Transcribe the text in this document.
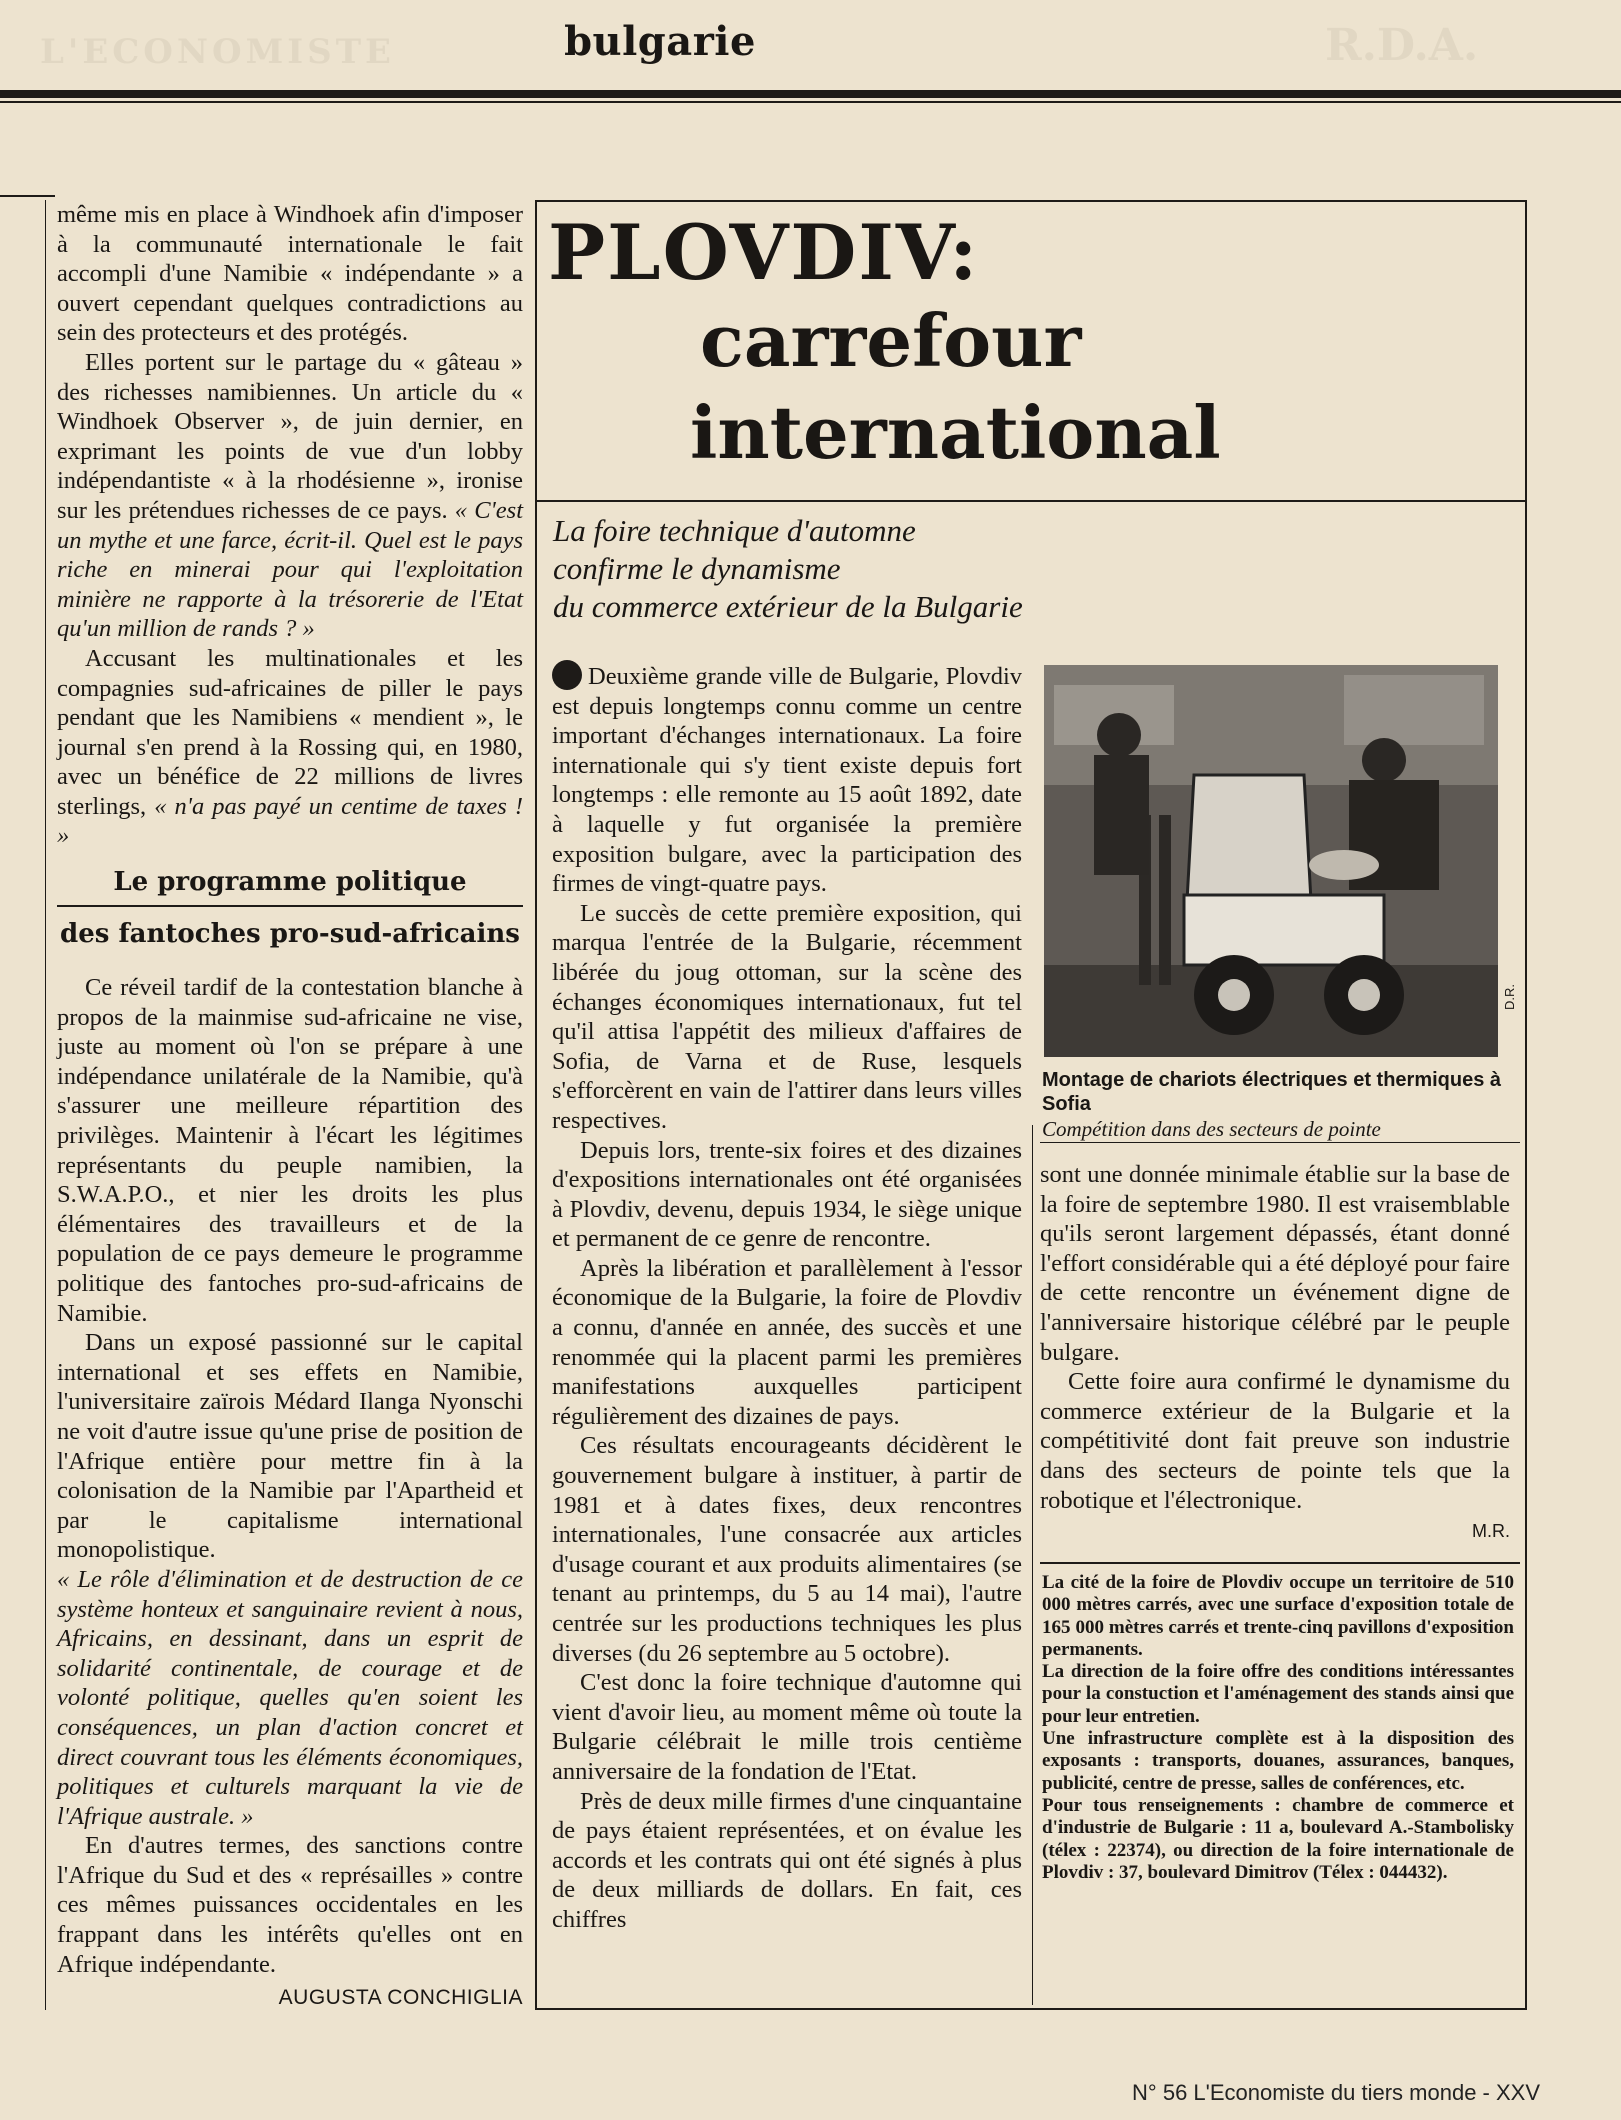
L'ECONOMISTE	R.D.A.
bulgarie

même mis en place à Windhoek afin d'imposer à la communauté internationale le fait accompli d'une Namibie « indépendante » a ouvert cependant quelques contradictions au sein des protecteurs et des protégés.

Elles portent sur le partage du « gâteau » des richesses namibiennes. Un article du « Windhoek Observer », de juin dernier, en exprimant les points de vue d'un lobby indépendantiste « à la rhodésienne », ironise sur les prétendues richesses de ce pays. « C'est un mythe et une farce, écrit-il. Quel est le pays riche en minerai pour qui l'exploitation minière ne rapporte à la trésorerie de l'Etat qu'un million de rands ? »

Accusant les multinationales et les compagnies sud-africaines de piller le pays pendant que les Namibiens « mendient », le journal s'en prend à la Rossing qui, en 1980, avec un bénéfice de 22 millions de livres sterlings, « n'a pas payé un centime de taxes ! »

Le programme politique
des fantoches pro-sud-africains

Ce réveil tardif de la contestation blanche à propos de la mainmise sud-africaine ne vise, juste au moment où l'on se prépare à une indépendance unilatérale de la Namibie, qu'à s'assurer une meilleure répartition des privilèges. Maintenir à l'écart les légitimes représentants du peuple namibien, la S.W.A.P.O., et nier les droits les plus élémentaires des travailleurs et de la population de ce pays demeure le programme politique des fantoches pro-sud-africains de Namibie.

Dans un exposé passionné sur le capital international et ses effets en Namibie, l'universitaire zaïrois Médard Ilanga Nyonschi ne voit d'autre issue qu'une prise de position de l'Afrique entière pour mettre fin à la colonisation de la Namibie par l'Apartheid et par le capitalisme international monopolistique.

« Le rôle d'élimination et de destruction de ce système honteux et sanguinaire revient à nous, Africains, en dessinant, dans un esprit de solidarité continentale, de courage et de volonté politique, quelles qu'en soient les conséquences, un plan d'action concret et direct couvrant tous les éléments économiques, politiques et culturels marquant la vie de l'Afrique australe. »

En d'autres termes, des sanctions contre l'Afrique du Sud et des « représailles » contre ces mêmes puissances occidentales en les frappant dans les intérêts qu'elles ont en Afrique indépendante.

AUGUSTA CONCHIGLIA
PLOVDIV:
carrefour
international
La foire technique d'automne
confirme le dynamisme
du commerce extérieur de la Bulgarie

Deuxième grande ville de Bulgarie, Plovdiv est depuis longtemps connu comme un centre important d'échanges internationaux. La foire internationale qui s'y tient existe depuis fort longtemps : elle remonte au 15 août 1892, date à laquelle y fut organisée la première exposition bulgare, avec la participation des firmes de vingt-quatre pays.

Le succès de cette première exposition, qui marqua l'entrée de la Bulgarie, récemment libérée du joug ottoman, sur la scène des échanges économiques internationaux, fut tel qu'il attisa l'appétit des milieux d'affaires de Sofia, de Varna et de Ruse, lesquels s'efforcèrent en vain de l'attirer dans leurs villes respectives.

Depuis lors, trente-six foires et des dizaines d'expositions internationales ont été organisées à Plovdiv, devenu, depuis 1934, le siège unique et permanent de ce genre de rencontre.

Après la libération et parallèlement à l'essor économique de la Bulgarie, la foire de Plovdiv a connu, d'année en année, des succès et une renommée qui la placent parmi les premières manifestations auxquelles participent régulièrement des dizaines de pays.

Ces résultats encourageants décidèrent le gouvernement bulgare à instituer, à partir de 1981 et à dates fixes, deux rencontres internationales, l'une consacrée aux articles d'usage courant et aux produits alimentaires (se tenant au printemps, du 5 au 14 mai), l'autre centrée sur les productions techniques les plus diverses (du 26 septembre au 5 octobre).

C'est donc la foire technique d'automne qui vient d'avoir lieu, au moment même où toute la Bulgarie célébrait le mille trois centième anniversaire de la fondation de l'Etat.

Près de deux mille firmes d'une cinquantaine de pays étaient représentées, et on évalue les accords et les contrats qui ont été signés à plus de deux milliards de dollars. En fait, ces chiffres

D.R.
Montage de chariots électriques et thermiques à Sofia
Compétition dans des secteurs de pointe

sont une donnée minimale établie sur la base de la foire de septembre 1980. Il est vraisemblable qu'ils seront largement dépassés, étant donné l'effort considérable qui a été déployé pour faire de cette rencontre un événement digne de l'anniversaire historique célébré par le peuple bulgare.

Cette foire aura confirmé le dynamisme du commerce extérieur de la Bulgarie et la compétitivité dont fait preuve son industrie dans des secteurs de pointe tels que la robotique et l'électronique.

M.R.
La cité de la foire de Plovdiv occupe un territoire de 510 000 mètres carrés, avec une surface d'exposition totale de 165 000 mètres carrés et trente-cinq pavillons d'exposition permanents.
La direction de la foire offre des conditions intéressantes pour la constuction et l'aménagement des stands ainsi que pour leur entretien.
Une infrastructure complète est à la disposition des exposants : transports, douanes, assurances, banques, publicité, centre de presse, salles de conférences, etc.
Pour tous renseignements : chambre de commerce et d'industrie de Bulgarie : 11 a, boulevard A.-Stambolisky (télex : 22374), ou direction de la foire internationale de Plovdiv : 37, boulevard Dimitrov (Télex : 044432).
N° 56 L'Economiste du tiers monde - XXV
